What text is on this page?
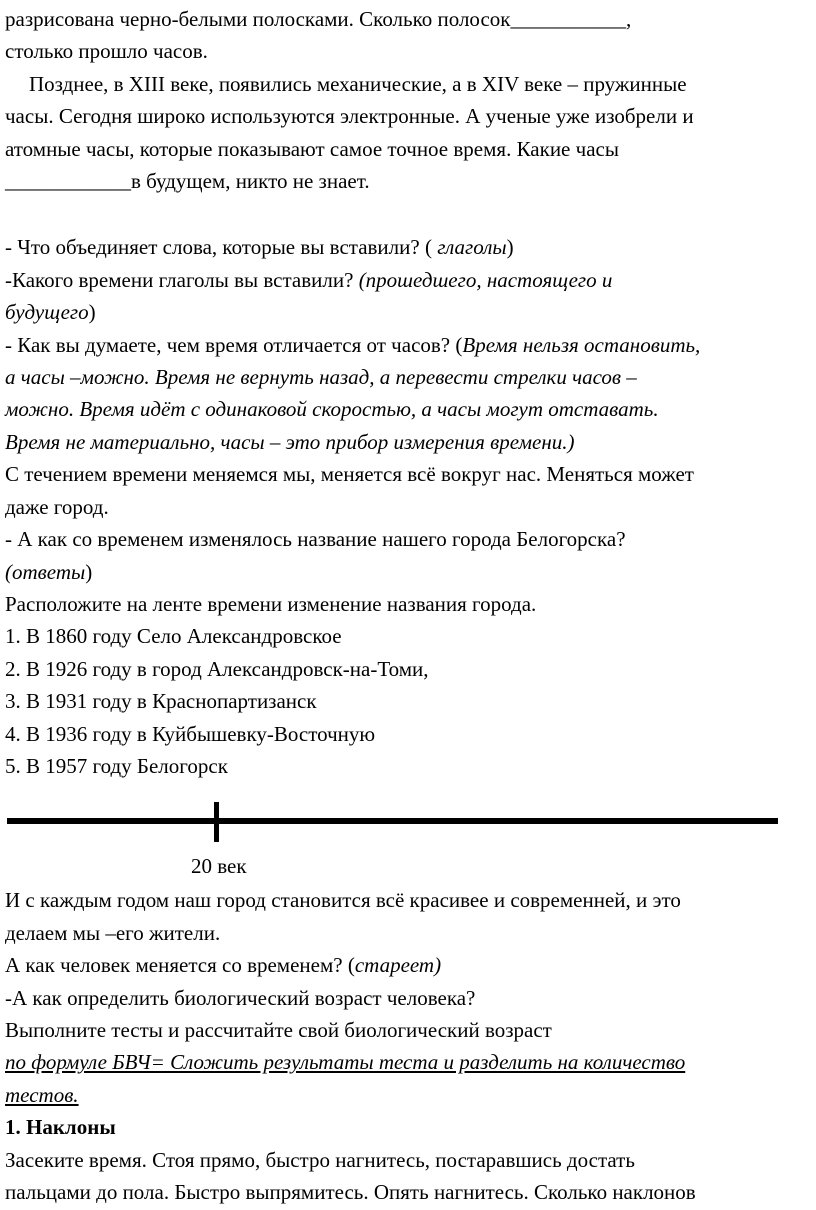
разрисована черно-белыми полосками. Сколько полосок___________,

столько прошло часов.

Позднее, в XIII веке, появились механические, а в XIV веке – пружинные

часы. Сегодня широко используются электронные. А ученые уже изобрели и

атомные часы, которые показывают самое точное время. Какие часы

____________в будущем, никто не знает.

- Что объединяет слова, которые вы вставили? ( глаголы)

-Какого времени глаголы вы вставили? (прошедшего, настоящего и

будущего)

- Как вы думаете, чем время отличается от часов? (Время нельзя остановить,

а часы –можно. Время не вернуть назад, а перевести стрелки часов –

можно. Время идёт с одинаковой скоростью, а часы могут отставать.

Время не материально, часы – это прибор измерения времени.)

С течением времени меняемся мы, меняется всё вокруг нас. Меняться может

даже город.

- А как со временем изменялось название нашего города Белогорска?

(ответы)

Расположите на ленте времени изменение названия города.

1. В 1860 году Село Александровское

2. В 1926 году в город Александровск-на-Томи,

3. В 1931 году в Краснопартизанск

4. В 1936 году в Куйбышевку-Восточную

5. В 1957 году Белогорск

20 век

И с каждым годом наш город становится всё красивее и современней, и это

делаем мы –его жители.

А как человек меняется со временем? (стареет)

-А как определить биологический возраст человека?

Выполните тесты и рассчитайте свой биологический возраст

по формуле БВЧ= Сложить результаты теста и разделить на количество

тестов.

1. Наклоны

Засеките время. Стоя прямо, быстро нагнитесь, постаравшись достать

пальцами до пола. Быстро выпрямитесь. Опять нагнитесь. Сколько наклонов
